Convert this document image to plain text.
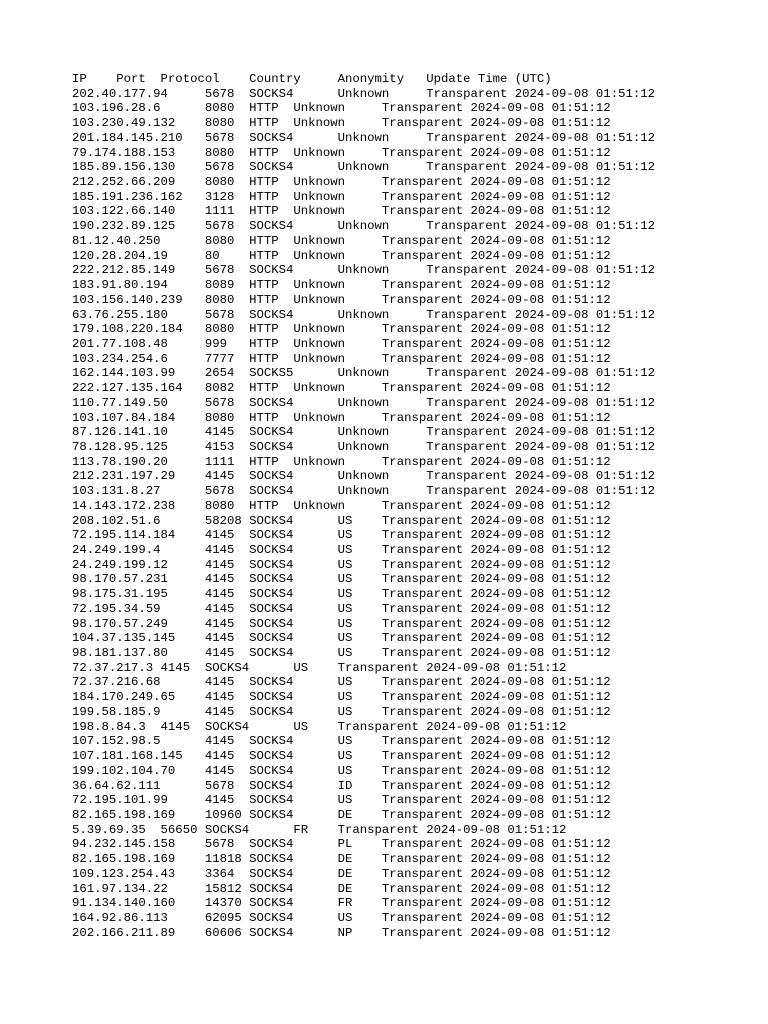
IP    Port  Protocol    Country     Anonymity   Update Time (UTC)
202.40.177.94     5678  SOCKS4      Unknown     Transparent 2024-09-08 01:51:12
103.196.28.6      8080  HTTP  Unknown     Transparent 2024-09-08 01:51:12
103.230.49.132    8080  HTTP  Unknown     Transparent 2024-09-08 01:51:12
201.184.145.210   5678  SOCKS4      Unknown     Transparent 2024-09-08 01:51:12
79.174.188.153    8080  HTTP  Unknown     Transparent 2024-09-08 01:51:12
185.89.156.130    5678  SOCKS4      Unknown     Transparent 2024-09-08 01:51:12
212.252.66.209    8080  HTTP  Unknown     Transparent 2024-09-08 01:51:12
185.191.236.162   3128  HTTP  Unknown     Transparent 2024-09-08 01:51:12
103.122.66.140    1111  HTTP  Unknown     Transparent 2024-09-08 01:51:12
190.232.89.125    5678  SOCKS4      Unknown     Transparent 2024-09-08 01:51:12
81.12.40.250      8080  HTTP  Unknown     Transparent 2024-09-08 01:51:12
120.28.204.19     80    HTTP  Unknown     Transparent 2024-09-08 01:51:12
222.212.85.149    5678  SOCKS4      Unknown     Transparent 2024-09-08 01:51:12
183.91.80.194     8089  HTTP  Unknown     Transparent 2024-09-08 01:51:12
103.156.140.239   8080  HTTP  Unknown     Transparent 2024-09-08 01:51:12
63.76.255.180     5678  SOCKS4      Unknown     Transparent 2024-09-08 01:51:12
179.108.220.184   8080  HTTP  Unknown     Transparent 2024-09-08 01:51:12
201.77.108.48     999   HTTP  Unknown     Transparent 2024-09-08 01:51:12
103.234.254.6     7777  HTTP  Unknown     Transparent 2024-09-08 01:51:12
162.144.103.99    2654  SOCKS5      Unknown     Transparent 2024-09-08 01:51:12
222.127.135.164   8082  HTTP  Unknown     Transparent 2024-09-08 01:51:12
110.77.149.50     5678  SOCKS4      Unknown     Transparent 2024-09-08 01:51:12
103.107.84.184    8080  HTTP  Unknown     Transparent 2024-09-08 01:51:12
87.126.141.10     4145  SOCKS4      Unknown     Transparent 2024-09-08 01:51:12
78.128.95.125     4153  SOCKS4      Unknown     Transparent 2024-09-08 01:51:12
113.78.190.20     1111  HTTP  Unknown     Transparent 2024-09-08 01:51:12
212.231.197.29    4145  SOCKS4      Unknown     Transparent 2024-09-08 01:51:12
103.131.8.27      5678  SOCKS4      Unknown     Transparent 2024-09-08 01:51:12
14.143.172.238    8080  HTTP  Unknown     Transparent 2024-09-08 01:51:12
208.102.51.6      58208 SOCKS4      US    Transparent 2024-09-08 01:51:12
72.195.114.184    4145  SOCKS4      US    Transparent 2024-09-08 01:51:12
24.249.199.4      4145  SOCKS4      US    Transparent 2024-09-08 01:51:12
24.249.199.12     4145  SOCKS4      US    Transparent 2024-09-08 01:51:12
98.170.57.231     4145  SOCKS4      US    Transparent 2024-09-08 01:51:12
98.175.31.195     4145  SOCKS4      US    Transparent 2024-09-08 01:51:12
72.195.34.59      4145  SOCKS4      US    Transparent 2024-09-08 01:51:12
98.170.57.249     4145  SOCKS4      US    Transparent 2024-09-08 01:51:12
104.37.135.145    4145  SOCKS4      US    Transparent 2024-09-08 01:51:12
98.181.137.80     4145  SOCKS4      US    Transparent 2024-09-08 01:51:12
72.37.217.3 4145  SOCKS4      US    Transparent 2024-09-08 01:51:12
72.37.216.68      4145  SOCKS4      US    Transparent 2024-09-08 01:51:12
184.170.249.65    4145  SOCKS4      US    Transparent 2024-09-08 01:51:12
199.58.185.9      4145  SOCKS4      US    Transparent 2024-09-08 01:51:12
198.8.84.3  4145  SOCKS4      US    Transparent 2024-09-08 01:51:12
107.152.98.5      4145  SOCKS4      US    Transparent 2024-09-08 01:51:12
107.181.168.145   4145  SOCKS4      US    Transparent 2024-09-08 01:51:12
199.102.104.70    4145  SOCKS4      US    Transparent 2024-09-08 01:51:12
36.64.62.111      5678  SOCKS4      ID    Transparent 2024-09-08 01:51:12
72.195.101.99     4145  SOCKS4      US    Transparent 2024-09-08 01:51:12
82.165.198.169    10960 SOCKS4      DE    Transparent 2024-09-08 01:51:12
5.39.69.35  56650 SOCKS4      FR    Transparent 2024-09-08 01:51:12
94.232.145.158    5678  SOCKS4      PL    Transparent 2024-09-08 01:51:12
82.165.198.169    11818 SOCKS4      DE    Transparent 2024-09-08 01:51:12
109.123.254.43    3364  SOCKS4      DE    Transparent 2024-09-08 01:51:12
161.97.134.22     15812 SOCKS4      DE    Transparent 2024-09-08 01:51:12
91.134.140.160    14370 SOCKS4      FR    Transparent 2024-09-08 01:51:12
164.92.86.113     62095 SOCKS4      US    Transparent 2024-09-08 01:51:12
202.166.211.89    60606 SOCKS4      NP    Transparent 2024-09-08 01:51:12
